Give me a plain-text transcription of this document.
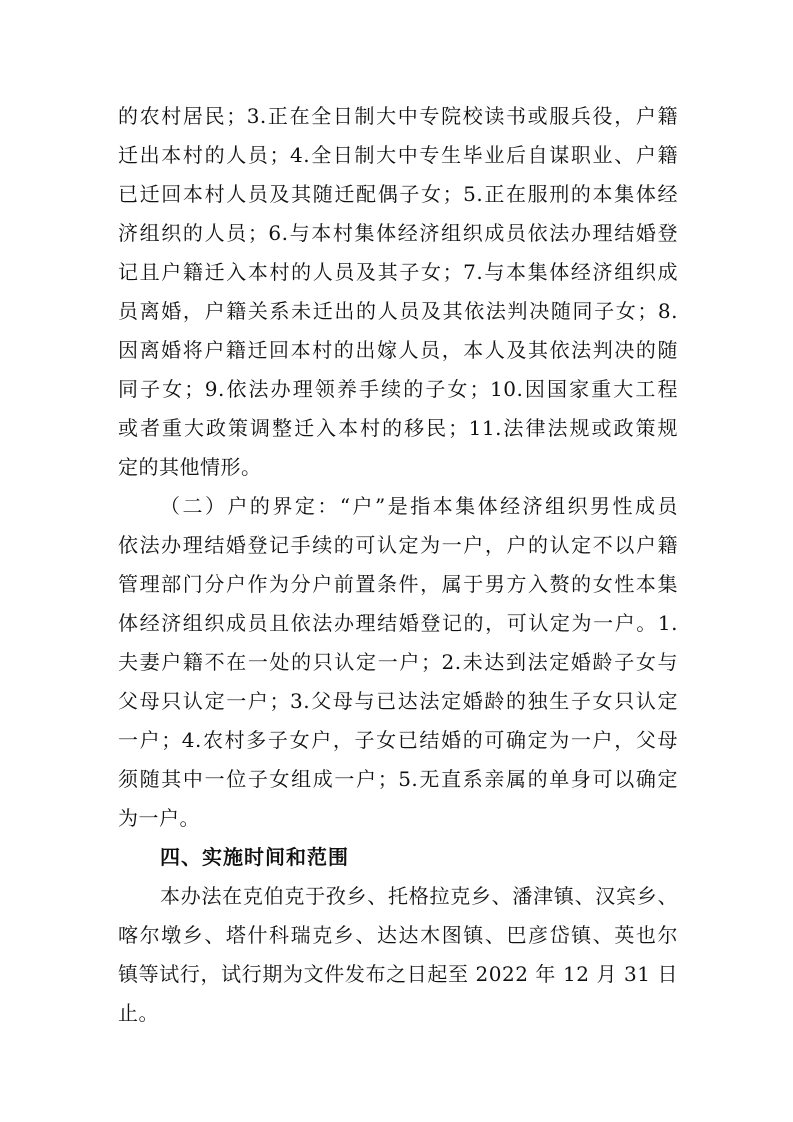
的农村居民；3.正在全日制大中专院校读书或服兵役，户籍
迁出本村的人员；4.全日制大中专生毕业后自谋职业、户籍
已迁回本村人员及其随迁配偶子女；5.正在服刑的本集体经
济组织的人员；6.与本村集体经济组织成员依法办理结婚登
记且户籍迁入本村的人员及其子女；7.与本集体经济组织成
员离婚，户籍关系未迁出的人员及其依法判决随同子女；8.
因离婚将户籍迁回本村的出嫁人员，本人及其依法判决的随
同子女；9.依法办理领养手续的子女；10.因国家重大工程
或者重大政策调整迁入本村的移民；11.法律法规或政策规
定的其他情形。
（二）户的界定：“户”是指本集体经济组织男性成员
依法办理结婚登记手续的可认定为一户，户的认定不以户籍
管理部门分户作为分户前置条件，属于男方入赘的女性本集
体经济组织成员且依法办理结婚登记的，可认定为一户。1.
夫妻户籍不在一处的只认定一户；2.未达到法定婚龄子女与
父母只认定一户；3.父母与已达法定婚龄的独生子女只认定
一户；4.农村多子女户，子女已结婚的可确定为一户，父母
须随其中一位子女组成一户；5.无直系亲属的单身可以确定
为一户。
四、实施时间和范围
本办法在克伯克于孜乡、托格拉克乡、潘津镇、汉宾乡、
喀尔墩乡、塔什科瑞克乡、达达木图镇、巴彦岱镇、英也尔
镇等试行，试行期为文件发布之日起至 2022 年 12 月 31 日
止。
